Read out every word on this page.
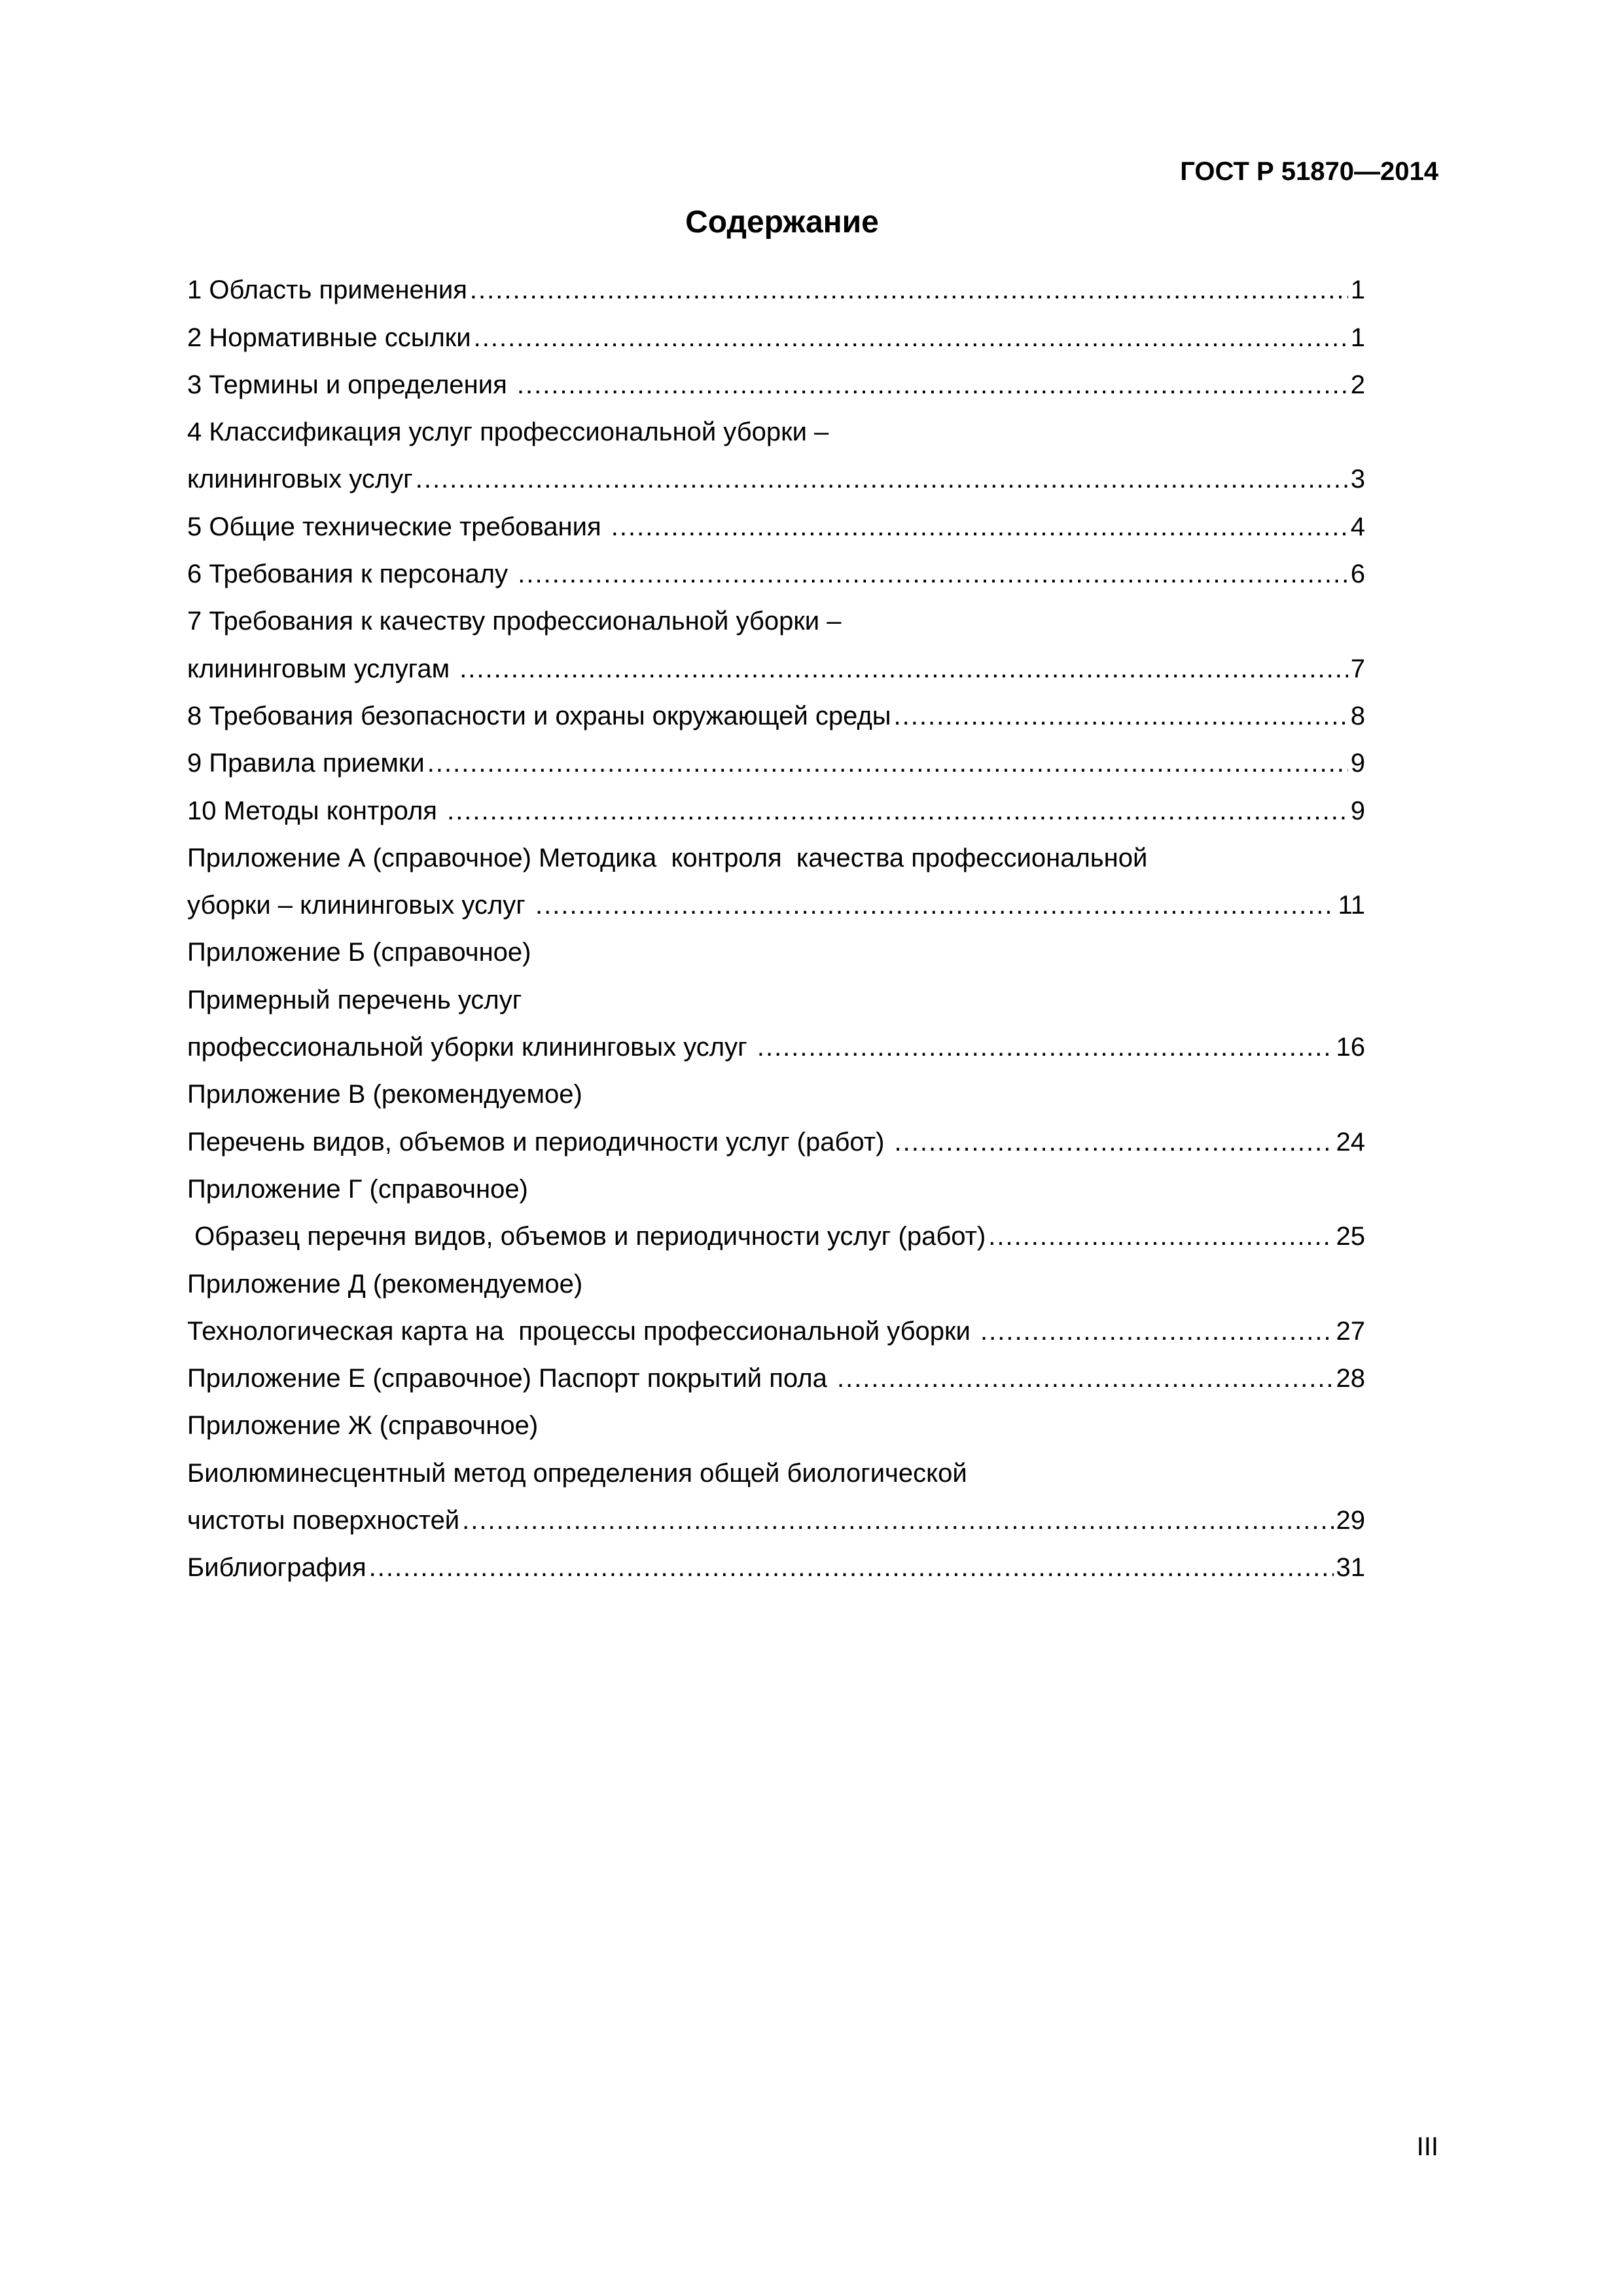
ГОСТ Р 51870—2014
Содержание
1 Область применения .....	1
2 Нормативные ссылки .....	1
3 Термины и определения .....	2
4 Классификация услуг профессиональной уборки –
клининговых услуг .....	3
5 Общие технические требования .....	4
6 Требования к персоналу .....	6
7 Требования к качеству профессиональной уборки –
клининговым услугам .....	7
8 Требования безопасности и охраны окружающей среды .....	8
9 Правила приемки .....	9
10 Методы контроля .....	9
Приложение А (справочное) Методика  контроля  качества профессиональной
уборки – клининговых услуг .....	11
Приложение Б (справочное)
Примерный перечень услуг
профессиональной уборки клининговых услуг .....	16
Приложение В (рекомендуемое)
Перечень видов, объемов и периодичности услуг (работ) .....	24
Приложение Г (справочное)
Образец перечня видов, объемов и периодичности услуг (работ) .....	25
Приложение Д (рекомендуемое)
Технологическая карта на  процессы профессиональной уборки .....	27
Приложение Е (справочное) Паспорт покрытий пола .....	28
Приложение Ж (справочное)
Биолюминесцентный метод определения общей биологической
чистоты поверхностей .....	29
Библиография .....	31
III
